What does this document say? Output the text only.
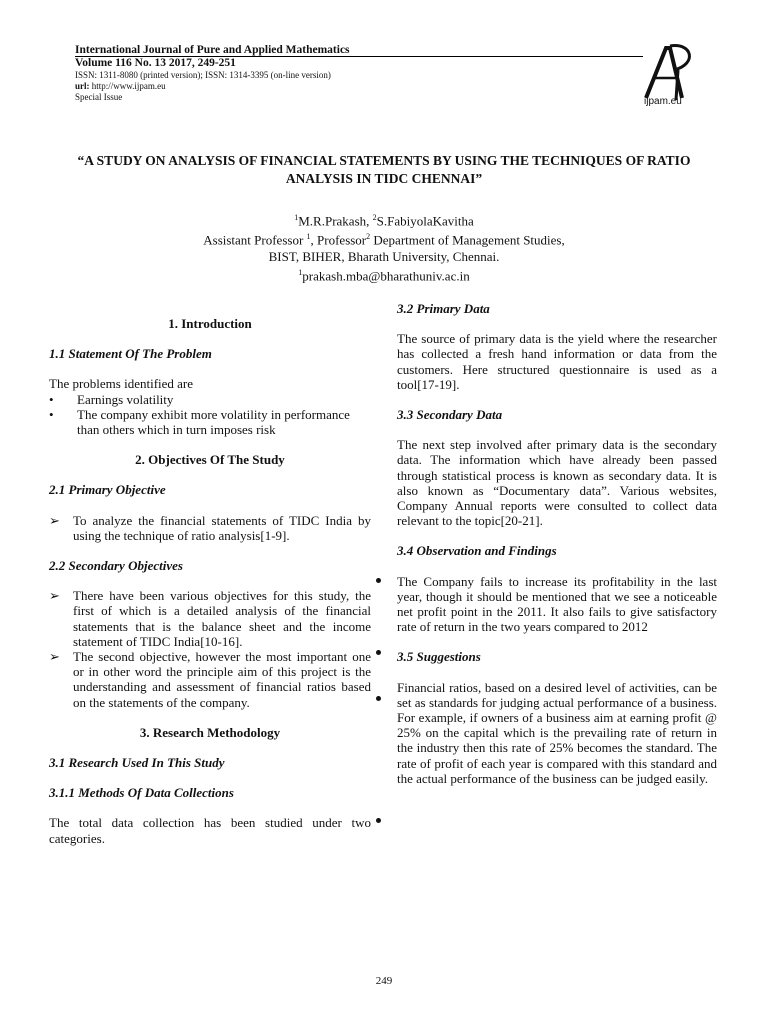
International Journal of Pure and Applied Mathematics
Volume 116 No. 13 2017, 249-251
ISSN: 1311-8080 (printed version); ISSN: 1314-3395 (on-line version)
url: http://www.ijpam.eu
Special Issue	ijpam.eu
“A STUDY ON ANALYSIS OF FINANCIAL STATEMENTS BY USING THE TECHNIQUES OF RATIO
ANALYSIS IN TIDC CHENNAI”
$^1$M.R.Prakash, $^2$S.FabiyolaKavitha
Assistant Professor $^1$, Professor$^2$ Department of Management Studies,
BIST, BIHER, Bharath University, Chennai.
$^1$prakash.mba@bharathuniv.ac.in

1. Introduction

1.1 Statement Of The Problem

The problems identified are

•	Earnings volatility
•	The company exhibit more volatility in performance than others which in turn imposes risk

2. Objectives Of The Study

2.1 Primary Objective

➢	To analyze the financial statements of TIDC India by using the technique of ratio analysis[1-9].

2.2 Secondary Objectives

➢	There have been various objectives for this study, the first of which is a detailed analysis of the financial statements that is the balance sheet and the income statement of TIDC India[10-16].
➢	The second objective, however the most important one or in other word the principle aim of this project is the understanding and assessment of financial ratios based on the statements of the company.

3. Research Methodology

3.1 Research Used In This Study

3.1.1 Methods Of Data Collections

The total data collection has been studied under two categories.

3.2 Primary Data

The source of primary data is the yield where the researcher has collected a fresh hand information or data from the customers. Here structured questionnaire is used as a tool[17-19].

3.3 Secondary Data

The next step involved after primary data is the secondary data. The information which have already been passed through statistical process is known as secondary data. It is also known as “Documentary data”. Various websites, Company Annual reports were consulted to collect data relevant to the topic[20-21].

3.4 Observation and Findings

The Company fails to increase its profitability in the last year, though it should be mentioned that we see a noticeable net profit point in the 2011. It also fails to give satisfactory rate of return in the two years compared to 2012

3.5 Suggestions

Financial ratios, based on a desired level of activities, can be set as standards for judging actual performance of a business. For example, if owners of a business aim at earning profit @ 25% on the capital which is the prevailing rate of return in the industry then this rate of 25% becomes the standard. The rate of profit of each year is compared with this standard and the actual performance of the business can be judged easily.

249
